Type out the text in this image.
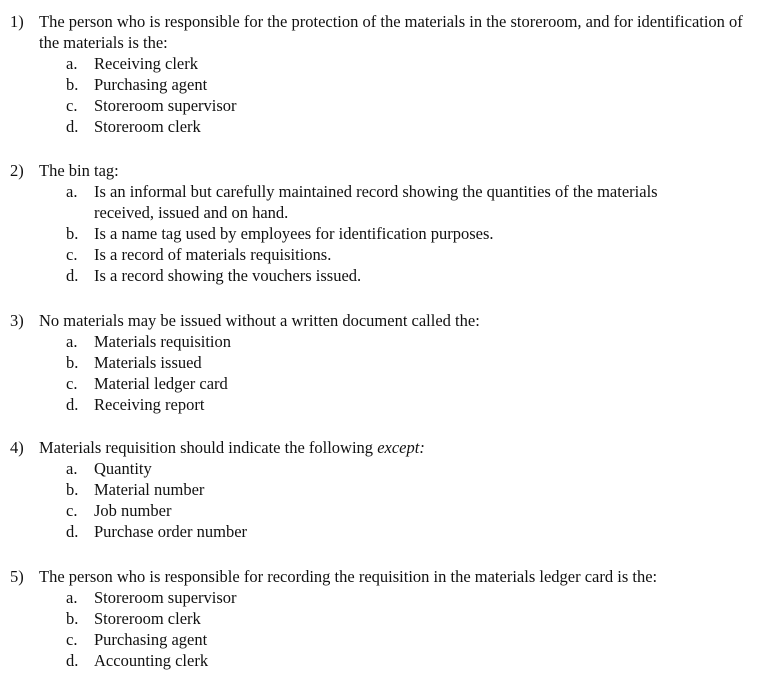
1) The person who is responsible for the protection of the materials in the storeroom, and for identification of the materials is the:
a.	Receiving clerk
b. Purchasing agent
c.	Storeroom supervisor
d. Storeroom clerk
2) The bin tag:
a.	Is an informal but carefully maintained record showing the quantities of the materials received, issued and on hand.
b. Is a name tag used by employees for identification purposes.
c.	Is a record of materials requisitions.
d. Is a record showing the vouchers issued.
3) No materials may be issued without a written document called the:
a.	Materials requisition
b. Materials issued
c.	Material ledger card
d. Receiving report
4) Materials requisition should indicate the following except:
a.	Quantity
b. Material number
c.	Job number
d. Purchase order number
5) The person who is responsible for recording the requisition in the materials ledger card is the:
a.	Storeroom supervisor
b. Storeroom clerk
c.	Purchasing agent
d. Accounting clerk
